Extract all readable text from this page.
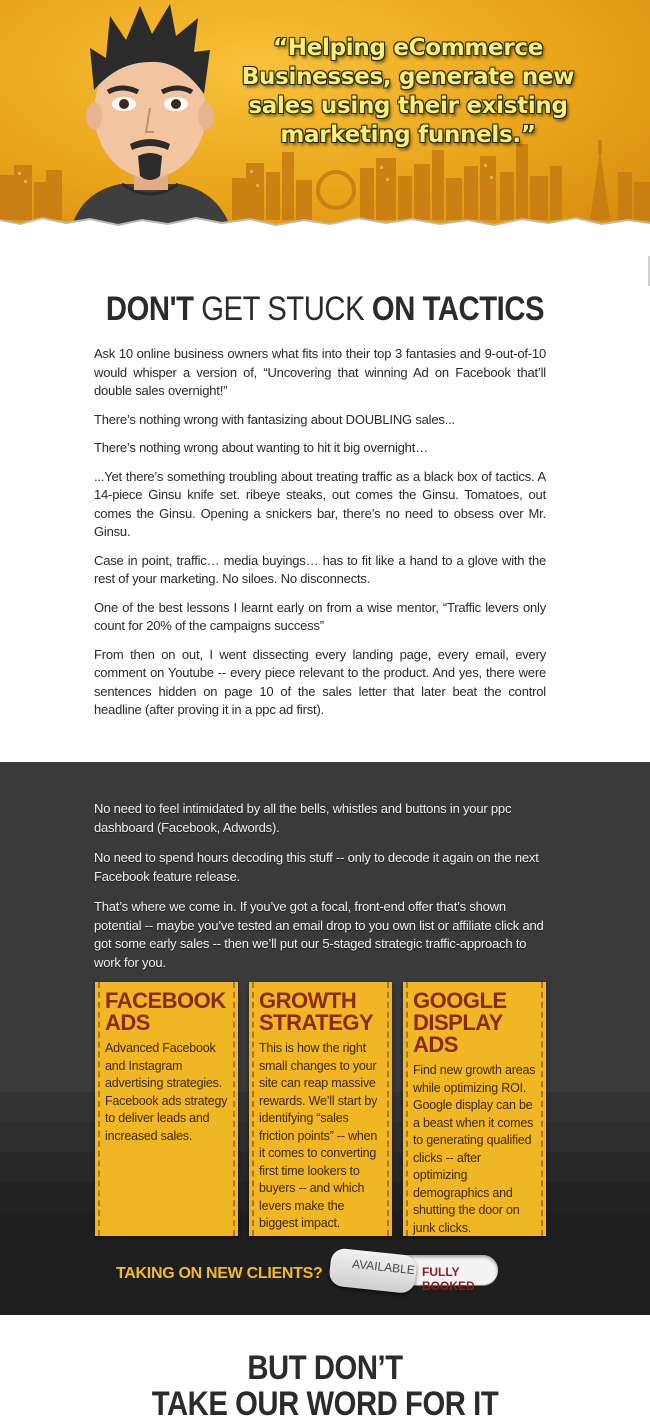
“Helping eCommerce Businesses, generate new sales using their existing marketing funnels.”

DON'T GET STUCK ON TACTICS

Ask 10 online business owners what fits into their top 3 fantasies and 9-out-of-10 would whisper a version of, “Uncovering that winning Ad on Facebook that’ll double sales overnight!”

There’s nothing wrong with fantasizing about DOUBLING sales...

There’s nothing wrong about wanting to hit it big overnight…

...Yet there’s something troubling about treating traffic as a black box of tactics. A 14-piece Ginsu knife set. ribeye steaks, out comes the Ginsu. Tomatoes, out comes the Ginsu. Opening a snickers bar, there’s no need to obsess over Mr. Ginsu.

Case in point, traffic… media buyings… has to fit like a hand to a glove with the rest of your marketing. No siloes. No disconnects.

One of the best lessons I learnt early on from a wise mentor, “Traffic levers only count for 20% of the campaigns success”

From then on out, I went dissecting every landing page, every email, every comment on Youtube -- every piece relevant to the product. And yes, there were sentences hidden on page 10 of the sales letter that later beat the control headline (after proving it in a ppc ad first).

No need to feel intimidated by all the bells, whistles and buttons in your ppc dashboard (Facebook, Adwords).

No need to spend hours decoding this stuff -- only to decode it again on the next Facebook feature release.

That’s where we come in. If you’ve got a focal, front-end offer that’s shown potential -- maybe you’ve tested an email drop to you own list or affiliate click and got some early sales -- then we’ll put our 5-staged strategic traffic-approach to work for you.

FACEBOOK ADS

Advanced Facebook and Instagram advertising strategies. Facebook ads strategy to deliver leads and increased sales.

GROWTH STRATEGY

This is how the right small changes to your site can reap massive rewards. We’ll start by identifying “sales friction points” -- when it comes to converting first time lookers to buyers -- and which levers make the biggest impact.

GOOGLE DISPLAY ADS

Find new growth areas while optimizing ROI. Google display can be a beast when it comes to generating qualified clicks -- after optimizing demographics and shutting the door on junk clicks.

TAKING ON NEW CLIENTS? AVAILABLE FULLY BOOKED
BUT DON’T
TAKE OUR WORD FOR IT
